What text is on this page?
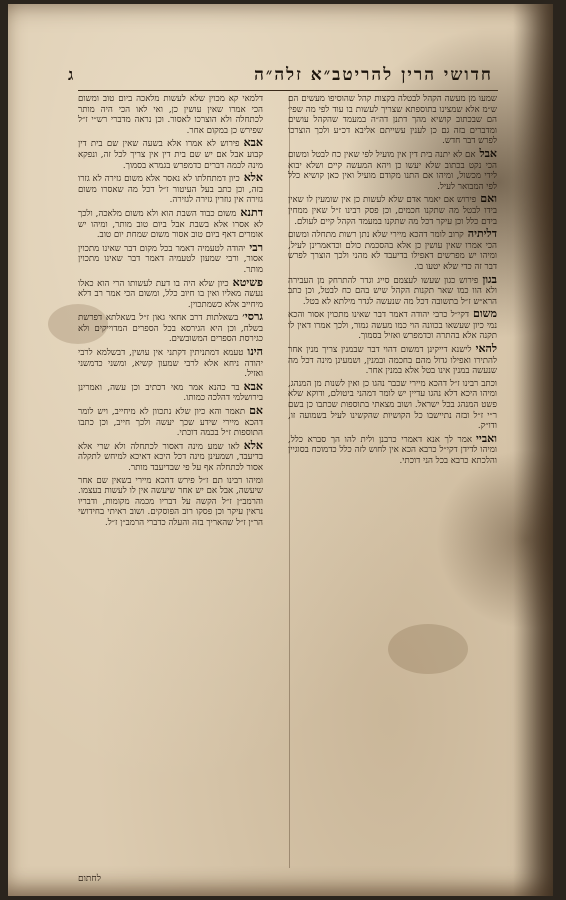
חדושי הרין להריטב״א זלה״ה
ג

שמעו מן מעשה הקהל לבטלה בקצות קהל שהוסיפו מעשים הם ש״מ אלא שמצינו בתוספתא שצריך לעשות בו עוד לפי מה שפי׳ הם שבכתוב קושיא מהך דתנן דה״ה במעמד שהקהל עושים ומדברים בזה גם כן לענין עשייתם אליבא דכ״ע ולכך הוצרכו לפרש דבר חדש.

אבלאם לא יתנה בית דין אין מועיל לפי שאין כח לבטל ומשום הכי נקט בכתוב שלא יעשו כן ויהא המעשה קיים ושלא יבוא לידי מכשול, ומיהו אם התנו מקודם מועיל ואין כאן קושיא כלל לפי המבואר לעיל.

ואםפירוש אם יאמר אדם שלא לעשות כן אין שומעין לו שאין בידו לבטל מה שתקנו חכמים, וכן פסק רבינו ז״ל שאין ממחין בידם כלל וכן עיקר דכל מה שתקנו במעמד הקהל קיים לעולם.

דליתיהקרוב לומר דהכא מיירי שלא נתן רשות מתחלה ומשום הכי אמרו שאין עושין כן אלא בהסכמת כולם וכדאמרינן לעיל, ומיהו יש מפרשים דאפילו בדיעבד לא מהני ולכך הוצרך לפרש דבר זה כדי שלא יטעו בו.

בגוןפירוש כגון שעשו לעצמם סייג וגדר להתרחק מן העבירה ולא הוו כמו שאר תקנות הקהל שיש בהם כח לבטל, וכן כתב הרא״ש ז״ל בתשובה דכל מה שנעשה לגדר מילתא לא בטל.

משוםדקי״ל כרבי יהודה דאמר דבר שאינו מתכוין אסור והכא נמי כיון שעשאו בכוונה הוי כמו מעשה גמור, ולכך אמרו דאין לו תקנה אלא בהתרה וכדמפרש ואזיל בסמוך.

להאילישנא דייקינן דמשום דהוי דבר שבמנין צריך מנין אחר להתירו ואפילו גדול מהם בחכמה ובמנין, ושמעינן מינה דכל מה שנעשה במנין אינו בטל אלא במנין אחר.

וכתב רבינו ז״ל דהכא מיירי שכבר נהגו כן ואין לשנות מן המנהג, ומיהו היכא דלא נהגו עדיין יש לומר דמהני ביטולם, ודוקא שלא פשט המנהג בכל ישראל. ושוב מצאתי בתוספות שכתבו כן בשם ר״י ז״ל ובזה נתיישבו כל הקושיות שהקשינו לעיל בשמועה זו, ודו״ק.

ואבייאמר לך אנא דאמרי כרבנן ולית להו הך סברא כלל, ומיהו לדידן דקי״ל כרבא הכא אין לחוש לזה כלל כדמוכח בסוגיין והלכתא כרבא בכל הני דוכתי.

דלמאי קא מכוין שלא לעשות מלאכה ביום טוב ומשום הכי אמרו שאין עושין כן, ואי לאו הכי היה מותר לכתחלה ולא הוצרכו לאסור. וכן נראה מדברי רש״י ז״ל שפירש כן במקום אחר.

אבאפירוש לא אמרו אלא בשעה שאין שם בית דין קבוע אבל אם יש שם בית דין אין צריך לכל זה, ונפקא מינה לכמה דברים כדמפרש בגמרא בסמוך.

אלאכיון דמתחלתו לא נאסר אלא משום גזירה לא גזרו בזה, וכן כתב בעל העיטור ז״ל דכל מה שאסרו משום גזירה אין גוזרין גזירה לגזירה.

דתנאמשום כבוד השבת הוא ולא משום מלאכה, ולכך לא אסרו אלא בשבת אבל ביום טוב מותר, ומיהו יש אומרים דאף ביום טוב אסור משום שמחת יום טוב.

רבייהודה לטעמיה דאמר בכל מקום דבר שאינו מתכוין אסור, ורבי שמעון לטעמיה דאמר דבר שאינו מתכוין מותר.

פשיטאכיון שלא היה בו דעת לעשותו הרי הוא כאלו נעשה מאליו ואין בו חיוב כלל, ומשום הכי אמר רב דלא מיחייב אלא כשמתכוין.

גרסי׳בשאלתות דרב אחאי גאון ז״ל בשאלתא דפרשת בשלח, וכן היא הגירסא בכל הספרים המדוייקים ולא כגירסת הספרים המשובשים.

הינוטעמא דמתניתין דקתני אין עושין, דבשלמא לרבי יהודה ניחא אלא לרבי שמעון קשיא, ומשני כדמשני ואזיל.

אבאבר כהנא אמר מאי דכתיב וכן עשה, ואמרינן בירושלמי דהלכה כמותו.

אםתאמר והא כיון שלא נתכוון לא מיחייב, ויש לומר דהכא מיירי שידע שכך יעשה ולכך חייב, וכן כתבו התוספות ז״ל בכמה דוכתי.

אלאלאו שמע מינה דאסור לכתחלה ולא שרי אלא בדיעבד, ושמעינן מינה דכל היכא דאיכא למיחש לתקלה אסור לכתחלה אף על פי שבדיעבד מותר.

ומיהו רבינו תם ז״ל פירש דהכא מיירי בשאין שם אחר שיעשה, אבל אם יש אחר שיעשה אין לו לעשות בעצמו. והרמב״ן ז״ל הקשה על דבריו מכמה מקומות, ודבריו נראין עיקר וכן פסקו רוב הפוסקים. ושוב ראיתי בחידושי הר״ן ז״ל שהאריך בזה והעלה כדברי הרמב״ן ז״ל.

לחתום
